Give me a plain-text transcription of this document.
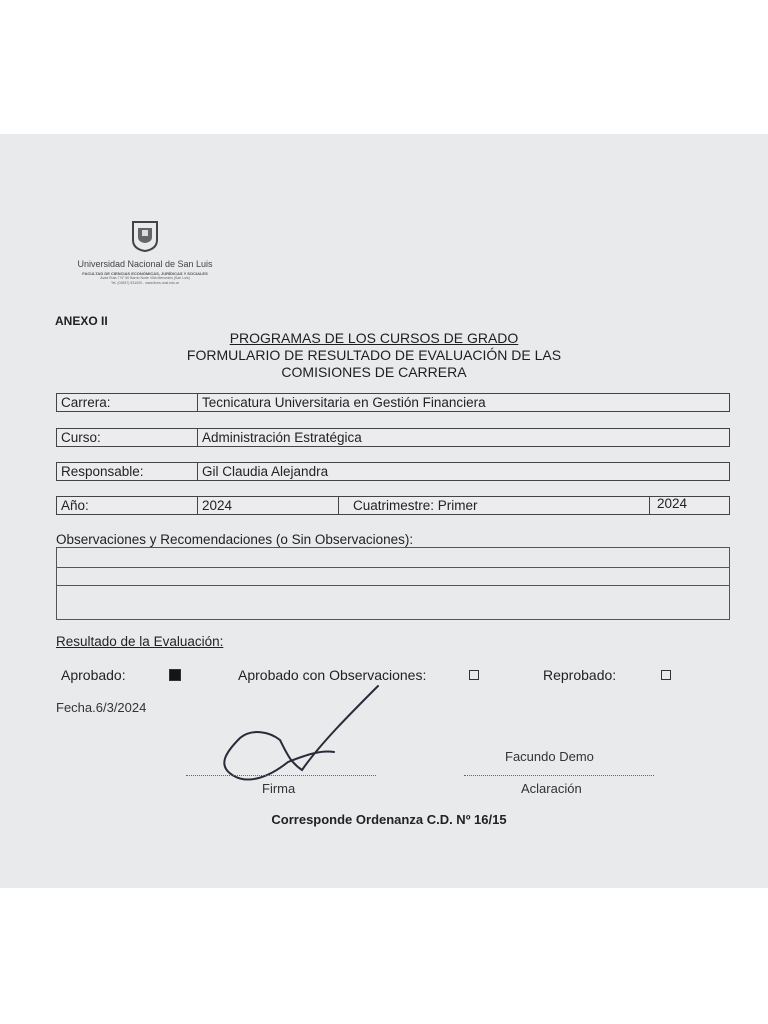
Universidad Nacional de San Luis
FACULTAD DE CIENCIAS ECONÓMICAS, JURÍDICAS Y SOCIALES
Avda Ruta 7 N° 50 Barrio Norte Villa Mercedes (San Luis)
Tel. (02657) 531000 - www.fices.unsl.edu.ar
ANEXO II
PROGRAMAS DE LOS CURSOS DE GRADO
FORMULARIO DE RESULTADO DE EVALUACIÓN DE LAS
COMISIONES DE CARRERA
Carrera:	Tecnicatura Universitaria en Gestión Financiera
Curso:	Administración Estratégica
Responsable:	Gil Claudia Alejandra
Año:	2024	Cuatrimestre: Primer	2024
Observaciones y Recomendaciones (o Sin Observaciones):
Resultado de la Evaluación:
Aprobado:	Aprobado con Observaciones:	Reprobado:
Fecha.6/3/2024
Firma
Facundo Demo
Aclaración
Corresponde Ordenanza C.D. Nº 16/15
